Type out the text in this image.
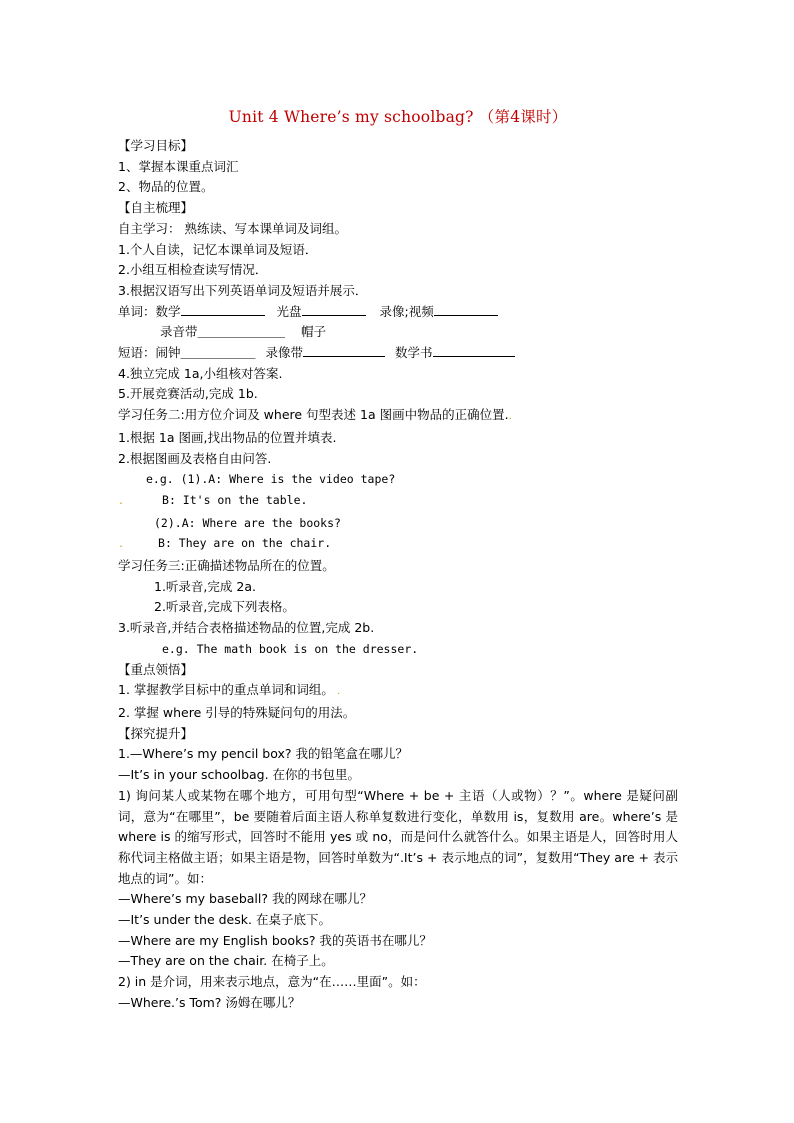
Unit 4 Where’s my schoolbag? （第4课时）
【学习目标】
1、掌握本课重点词汇
2、物品的位置。
【自主梳理】
自主学习： 熟练读、写本课单词及词组。
1.个人自读，记忆本课单词及短语．
2.小组互相检查读写情况．
3.根据汉语写出下列英语单词及短语并展示．
单词：数学	光盘	录像;视频
录音带＿＿＿＿＿＿＿ 帽子
短语：闹钟＿＿＿＿＿＿ 录像带	数学书
4.独立完成 1a,小组核对答案.
5.开展竞赛活动,完成 1b.
学习任务二:用方位介词及 where 句型表述 1a 图画中物品的正确位置..
1.根据 1a 图画,找出物品的位置并填表.
2.根据图画及表格自由问答.
e.g. (1).A: Where is the video tape?
.	B: It's on the table.
(2).A: Where are the books?
.	B: They are on the chair.
学习任务三:正确描述物品所在的位置。
1.听录音,完成 2a.
2.听录音,完成下列表格。
3.听录音,并结合表格描述物品的位置,完成 2b.
e.g. The math book is on the dresser.
【重点领悟】
1. 掌握教学目标中的重点单词和词组。 .
2. 掌握 where 引导的特殊疑问句的用法。
【探究提升】
1.—Where’s my pencil box? 我的铅笔盒在哪儿？
—It’s in your schoolbag. 在你的书包里。
1) 询问某人或某物在哪个地方，可用句型“Where + be + 主语（人或物）？”。where 是疑问副词，意为“在哪里”，be 要随着后面主语人称单复数进行变化，单数用 is，复数用 are。where’s 是 where is 的缩写形式，回答时不能用 yes 或 no，而是问什么就答什么。如果主语是人，回答时用人称代词主格做主语；如果主语是物，回答时单数为“.It’s + 表示地点的词”，复数用“They are + 表示地点的词”。如：
—Where’s my baseball? 我的网球在哪儿？
—It’s under the desk. 在桌子底下。
—Where are my English books? 我的英语书在哪儿？
—They are on the chair. 在椅子上。
2) in 是介词，用来表示地点，意为“在……里面”。如：
—Where.’s Tom? 汤姆在哪儿？
